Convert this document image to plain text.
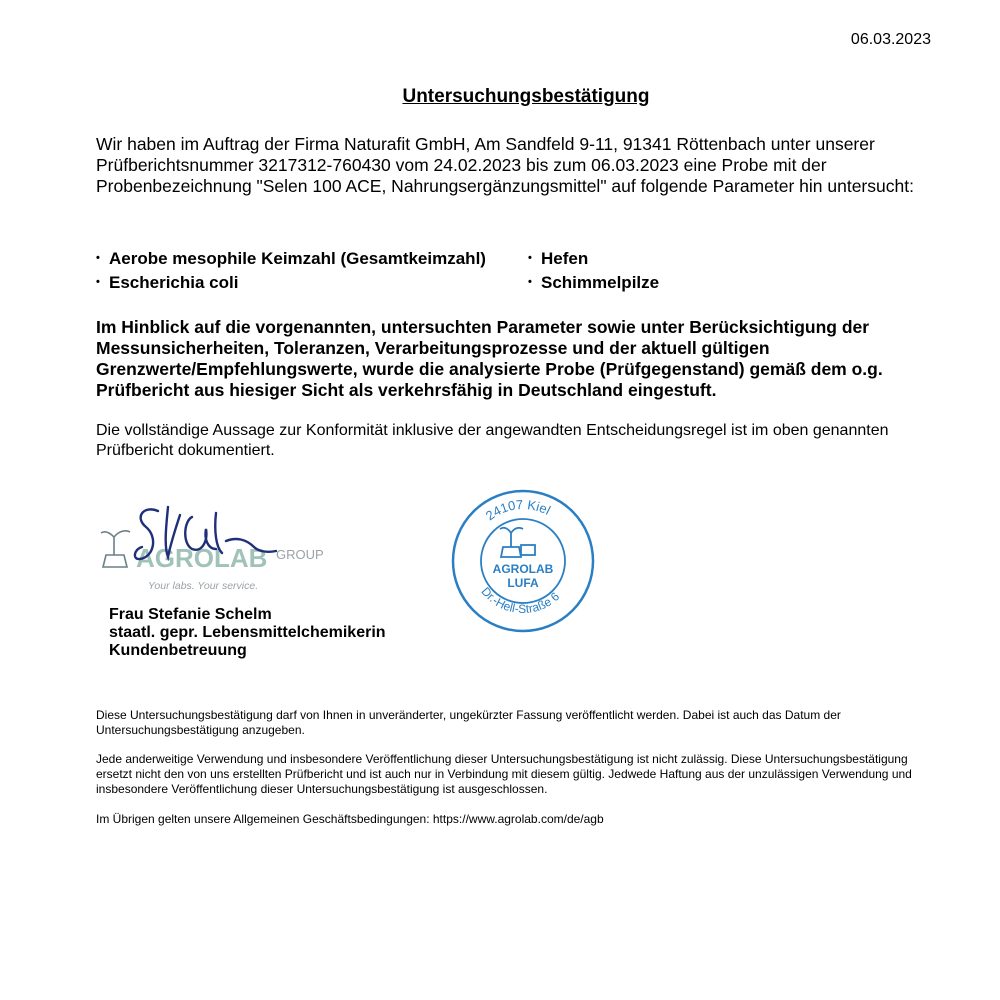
06.03.2023
Untersuchungsbestätigung

Wir haben im Auftrag der Firma Naturafit GmbH, Am Sandfeld 9-11, 91341 Röttenbach unter unserer Prüfberichtsnummer 3217312-760430 vom 24.02.2023 bis zum 06.03.2023 eine Probe mit der Probenbezeichnung "Selen 100 ACE, Nahrungsergänzungsmittel" auf folgende Parameter hin untersucht:

• Aerobe mesophile Keimzahl (Gesamtkeimzahl)	• Hefen
• Escherichia coli	• Schimmelpilze

Im Hinblick auf die vorgenannten, untersuchten Parameter sowie unter Berücksichtigung der Messunsicherheiten, Toleranzen, Verarbeitungsprozesse und der aktuell gültigen Grenzwerte/Empfehlungswerte, wurde die analysierte Probe (Prüfgegenstand) gemäß dem o.g. Prüfbericht aus hiesiger Sicht als verkehrsfähig in Deutschland eingestuft.

Die vollständige Aussage zur Konformität inklusive der angewandten Entscheidungsregel ist im oben genannten Prüfbericht dokumentiert.

AGROLAB GROUP
Your labs. Your service.
24107 Kiel
Dr.-Hell-Straße 6
AGROLAB
LUFA
Frau Stefanie Schelm
staatl. gepr. Lebensmittelchemikerin
Kundenbetreuung

Diese Untersuchungsbestätigung darf von Ihnen in unveränderter, ungekürzter Fassung veröffentlicht werden. Dabei ist auch das Datum der Untersuchungsbestätigung anzugeben.

Jede anderweitige Verwendung und insbesondere Veröffentlichung dieser Untersuchungsbestätigung ist nicht zulässig. Diese Untersuchungsbestätigung ersetzt nicht den von uns erstellten Prüfbericht und ist auch nur in Verbindung mit diesem gültig. Jedwede Haftung aus der unzulässigen Verwendung und insbesondere Veröffentlichung dieser Untersuchungsbestätigung ist ausgeschlossen.

Im Übrigen gelten unsere Allgemeinen Geschäftsbedingungen: https://www.agrolab.com/de/agb
